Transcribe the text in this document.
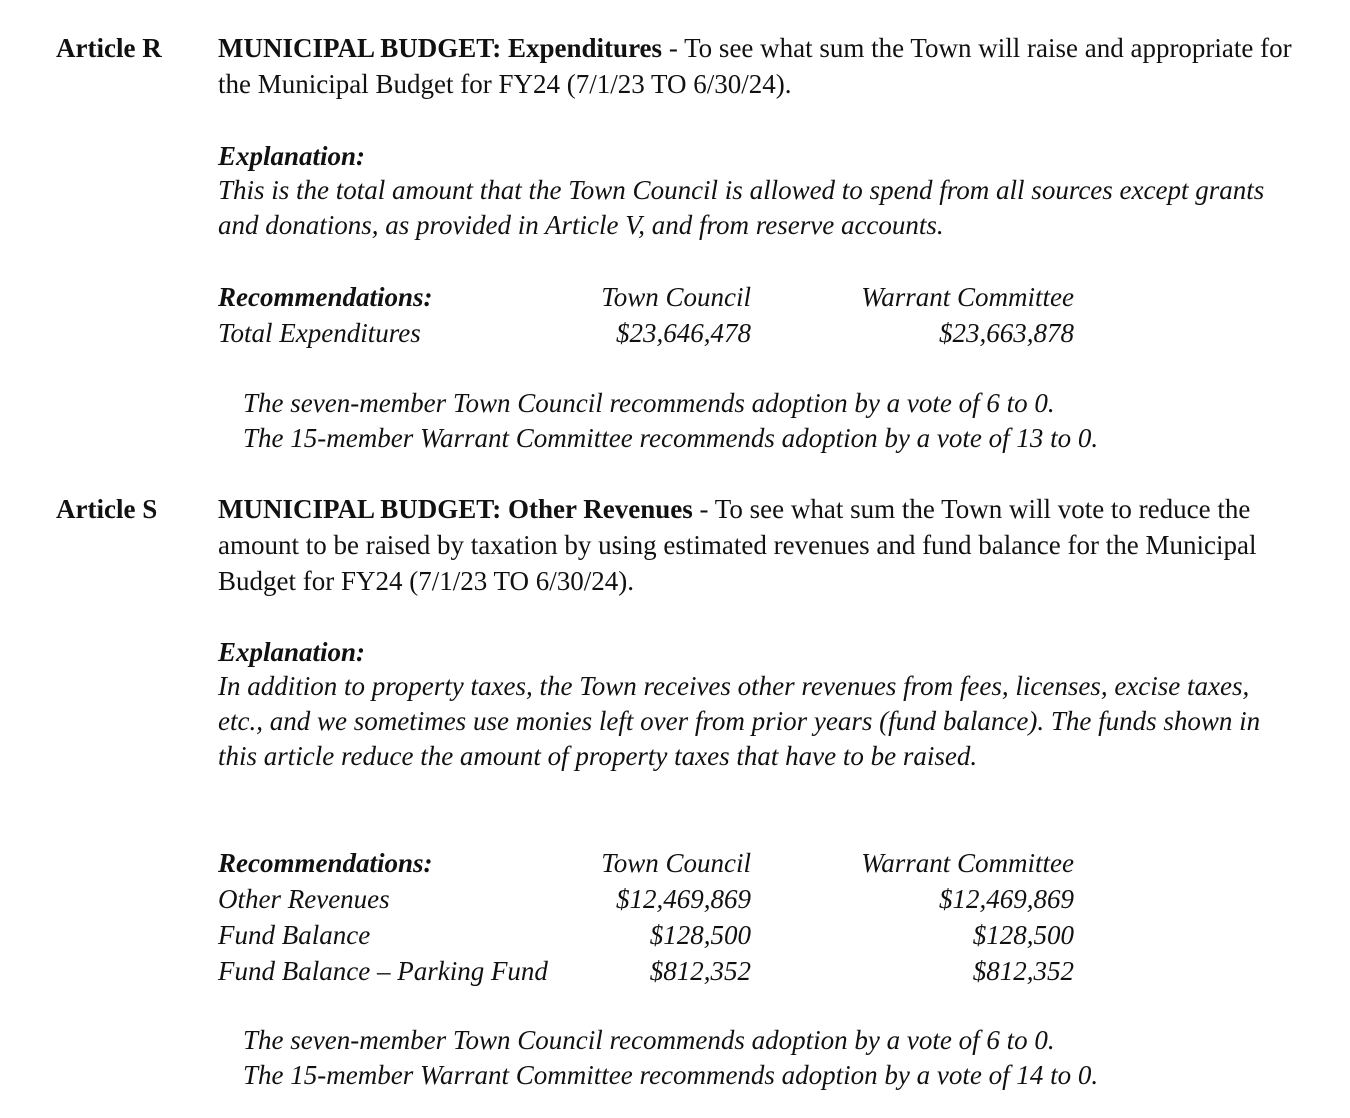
Article R MUNICIPAL BUDGET: Expenditures - To see what sum the Town will raise and appropriate for the Municipal Budget for FY24 (7/1/23 TO 6/30/24).
Explanation:
This is the total amount that the Town Council is allowed to spend from all sources except grants and donations, as provided in Article V, and from reserve accounts.
Recommendations:	Town Council	Warrant Committee
Total Expenditures	$23,646,478	$23,663,878
The seven-member Town Council recommends adoption by a vote of 6 to 0.
The 15-member Warrant Committee recommends adoption by a vote of 13 to 0.
Article S MUNICIPAL BUDGET: Other Revenues - To see what sum the Town will vote to reduce the amount to be raised by taxation by using estimated revenues and fund balance for the Municipal Budget for FY24 (7/1/23 TO 6/30/24).
Explanation:
In addition to property taxes, the Town receives other revenues from fees, licenses, excise taxes, etc., and we sometimes use monies left over from prior years (fund balance). The funds shown in this article reduce the amount of property taxes that have to be raised.
Recommendations:	Town Council	Warrant Committee
Other Revenues	$12,469,869	$12,469,869
Fund Balance	$128,500	$128,500
Fund Balance – Parking Fund	$812,352	$812,352
The seven-member Town Council recommends adoption by a vote of 6 to 0.
The 15-member Warrant Committee recommends adoption by a vote of 14 to 0.
